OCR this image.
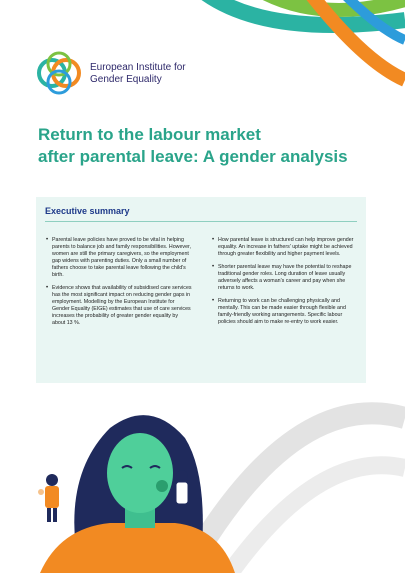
European Institute for
Gender Equality
Return to the labour market
after parental leave: A gender analysis
Executive summary

• Parental leave policies have proved to be vital in helping parents to balance job and family responsibilities. However, women are still the primary caregivers, so the employment gap widens with parenting duties. Only a small number of fathers choose to take parental leave following the child's birth.

• Evidence shows that availability of subsidised care services has the most significant impact on reducing gender gaps in employment. Modelling by the European Institute for Gender Equality (EIGE) estimates that use of care services increases the probability of greater gender equality by about 13 %.

• How parental leave is structured can help improve gender equality. An increase in fathers' uptake might be achieved through greater flexibility and higher payment levels.

• Shorter parental leave may have the potential to reshape traditional gender roles. Long duration of leave usually adversely affects a woman's career and pay when she returns to work.

• Returning to work can be challenging physically and mentally. This can be made easier through flexible and family-friendly working arrangements. Specific labour policies should aim to make re-entry to work easier.
